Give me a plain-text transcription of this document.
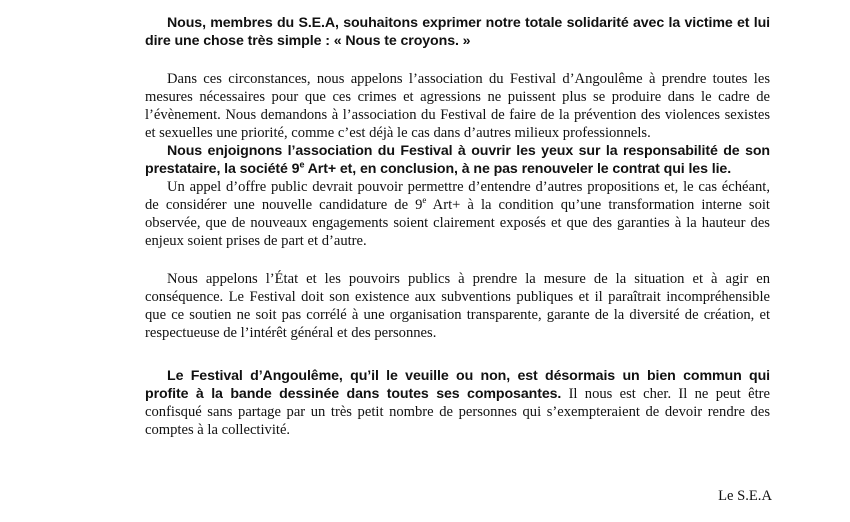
Nous, membres du S.E.A, souhaitons exprimer notre totale solidarité avec la victime et lui dire une chose très simple : « Nous te croyons. »

Dans ces circonstances, nous appelons l’association du Festival d’Angoulême à prendre toutes les mesures nécessaires pour que ces crimes et agressions ne puissent plus se produire dans le cadre de l’évènement. Nous demandons à l’association du Festival de faire de la prévention des violences sexistes et sexuelles une priorité, comme c’est déjà le cas dans d’autres milieux professionnels.

Nous enjoignons l’association du Festival à ouvrir les yeux sur la responsabilité de son prestataire, la société 9e Art+ et, en conclusion, à ne pas renouveler le contrat qui les lie.

Un appel d’offre public devrait pouvoir permettre d’entendre d’autres propositions et, le cas échéant, de considérer une nouvelle candidature de 9e Art+ à la condition qu’une transformation interne soit observée, que de nouveaux engagements soient clairement exposés et que des garanties à la hauteur des enjeux soient prises de part et d’autre.

Nous appelons l’État et les pouvoirs publics à prendre la mesure de la situation et à agir en conséquence. Le Festival doit son existence aux subventions publiques et il paraîtrait incompréhensible que ce soutien ne soit pas corrélé à une organisation transparente, garante de la diversité de création, et respectueuse de l’intérêt général et des personnes.

Le Festival d’Angoulême, qu’il le veuille ou non, est désormais un bien commun qui profite à la bande dessinée dans toutes ses composantes. Il nous est cher. Il ne peut être confisqué sans partage par un très petit nombre de personnes qui s’exempteraient de devoir rendre des comptes à la collectivité.

Le S.E.A
